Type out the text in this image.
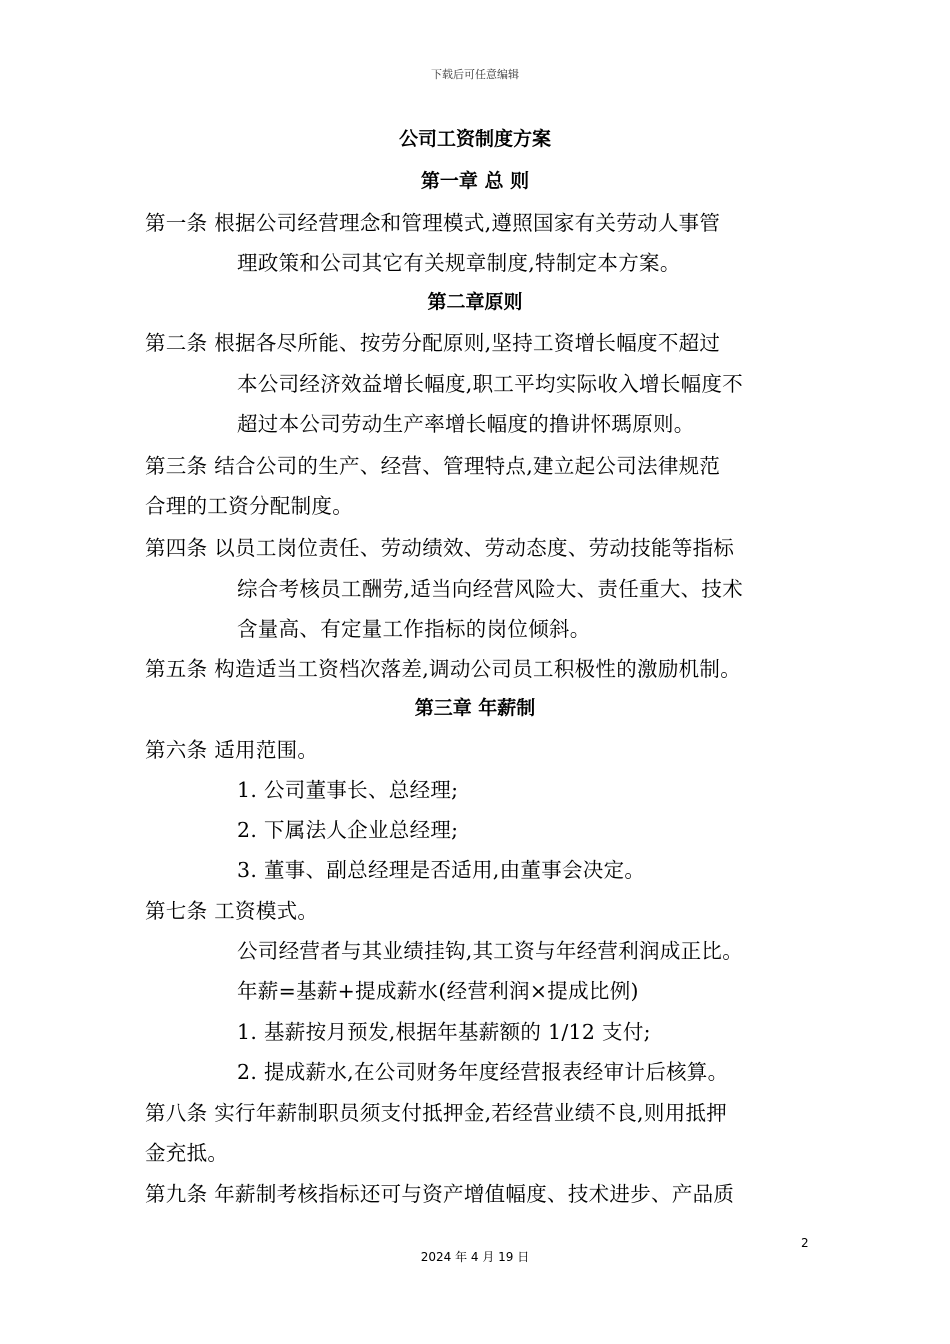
下载后可任意编辑
公司工资制度方案
第一章 总 则
第一条 根据公司经营理念和管理模式,遵照国家有关劳动人事管
理政策和公司其它有关规章制度,特制定本方案。
第二章原则
第二条 根据各尽所能、按劳分配原则,坚持工资增长幅度不超过
本公司经济效益增长幅度,职工平均实际收入增长幅度不
超过本公司劳动生产率增长幅度的撸讲怀瑪原则。
第三条 结合公司的生产、经营、管理特点,建立起公司法律规范
合理的工资分配制度。
第四条 以员工岗位责任、劳动绩效、劳动态度、劳动技能等指标
综合考核员工酬劳,适当向经营风险大、责任重大、技术
含量高、有定量工作指标的岗位倾斜。
第五条 构造适当工资档次落差,调动公司员工积极性的激励机制。
第三章 年薪制
第六条 适用范围。
1. 公司董事长、总经理;
2. 下属法人企业总经理;
3. 董事、副总经理是否适用,由董事会决定。
第七条 工资模式。
公司经营者与其业绩挂钩,其工资与年经营利润成正比。
年薪=基薪+提成薪水(经营利润×提成比例)
1. 基薪按月预发,根据年基薪额的 1/12 支付;
2. 提成薪水,在公司财务年度经营报表经审计后核算。
第八条 实行年薪制职员须支付抵押金,若经营业绩不良,则用抵押
金充抵。
第九条 年薪制考核指标还可与资产增值幅度、技术进步、产品质
2
2024 年 4 月 19 日
